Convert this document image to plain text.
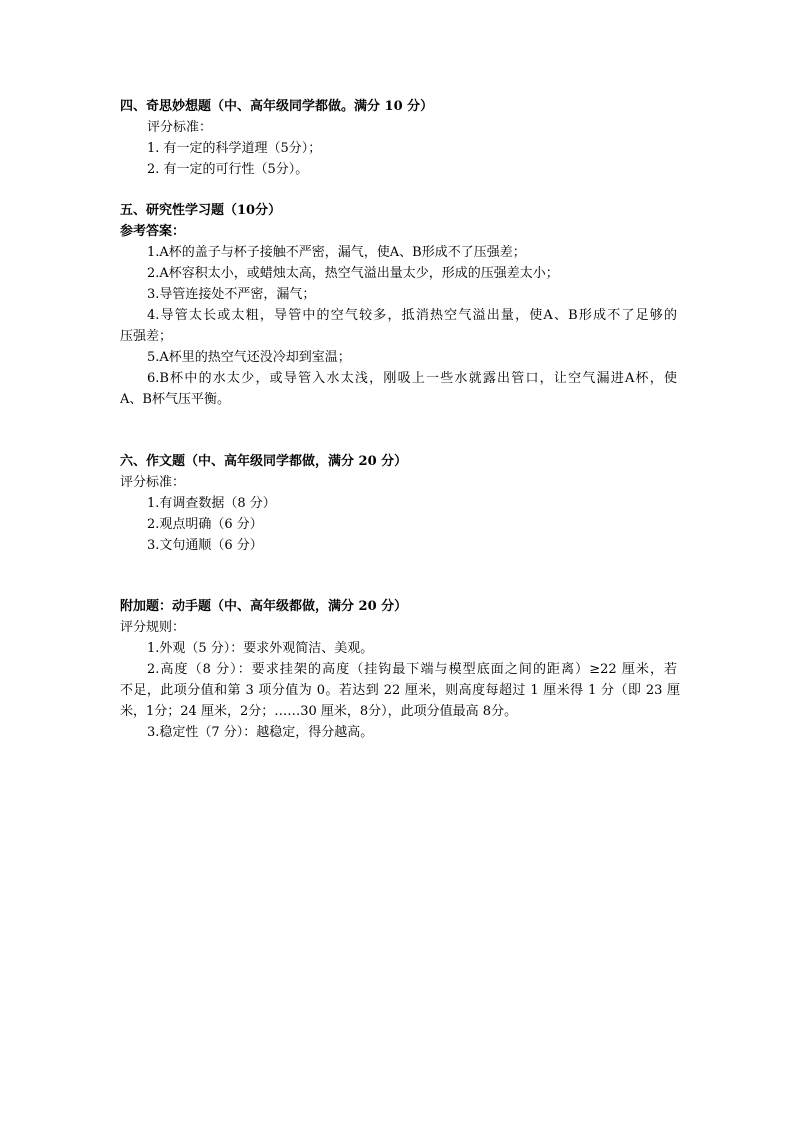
四、奇思妙想题（中、高年级同学都做。满分 10 分）
评分标准：
1. 有一定的科学道理（5分）；
2. 有一定的可行性（5分）。
五、研究性学习题（10分）
参考答案：
1.A杯的盖子与杯子接触不严密，漏气，使A、B形成不了压强差；
2.A杯容积太小，或蜡烛太高，热空气溢出量太少，形成的压强差太小；
3.导管连接处不严密，漏气；
4.导管太长或太粗，导管中的空气较多，抵消热空气溢出量，使A、B形成不了足够的
压强差；
5.A杯里的热空气还没冷却到室温；
6.B杯中的水太少，或导管入水太浅，刚吸上一些水就露出管口，让空气漏进A杯，使
A、B杯气压平衡。
六、作文题（中、高年级同学都做，满分 20 分）
评分标准：
1.有调查数据（8 分）
2.观点明确（6 分）
3.文句通顺（6 分）
附加题：动手题（中、高年级都做，满分 20 分）
评分规则：
1.外观（5 分）：要求外观简洁、美观。
2.高度（8 分）：要求挂架的高度（挂钩最下端与模型底面之间的距离）≥22 厘米，若
不足，此项分值和第 3 项分值为 0。若达到 22 厘米，则高度每超过 1 厘米得 1 分（即 23 厘
米，1分；24 厘米，2分；……30 厘米，8分），此项分值最高 8分。
3.稳定性（7 分）：越稳定，得分越高。
